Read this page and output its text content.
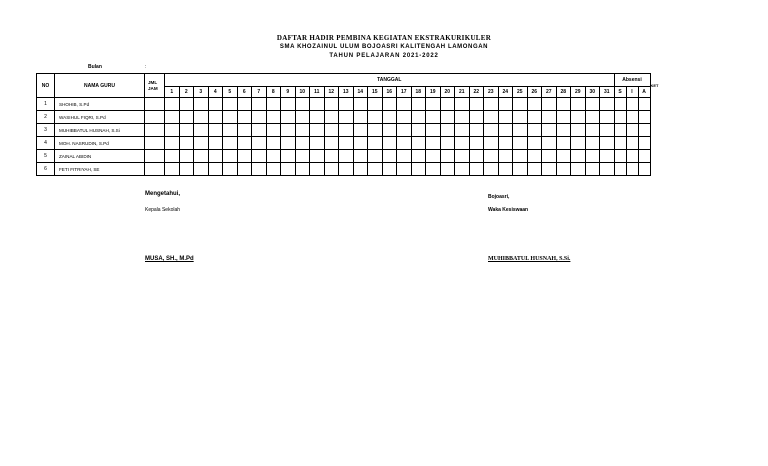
DAFTAR HADIR PEMBINA KEGIATAN EKSTRAKURIKULER
SMA KHOZAINUL ULUM BOJOASRI KALITENGAH LAMONGAN
TAHUN PELAJARAN 2021-2022
Bulan	:
NO	NAMA GURU	JML
JAM	TANGGAL																															Absensi			KET
			1	2	3	4	5	6	7	8	9	10	11	12	13	14	15	16	17	18	19	20	21	22	23	24	25	26	27	28	29	30	31	S	I	A	
1	SHOHIB, S.Pd																																				
2	WASIHUL FIQRI, S.Pd																																				
3	MUHIBBATUL HUSNAH, S.Si																																				
4	MOH. NASRUDIN, S.Pd																																				
5	ZAINAL ABIDIN																																				
6	FETI FITRIYAH, SE																																				
Mengetahui,
Kepala Sekolah
MUSA, SH., M.Pd
Bojoasri,
Waka Kesiswaan
MUHIBBATUL HUSNAH, S.Si.
